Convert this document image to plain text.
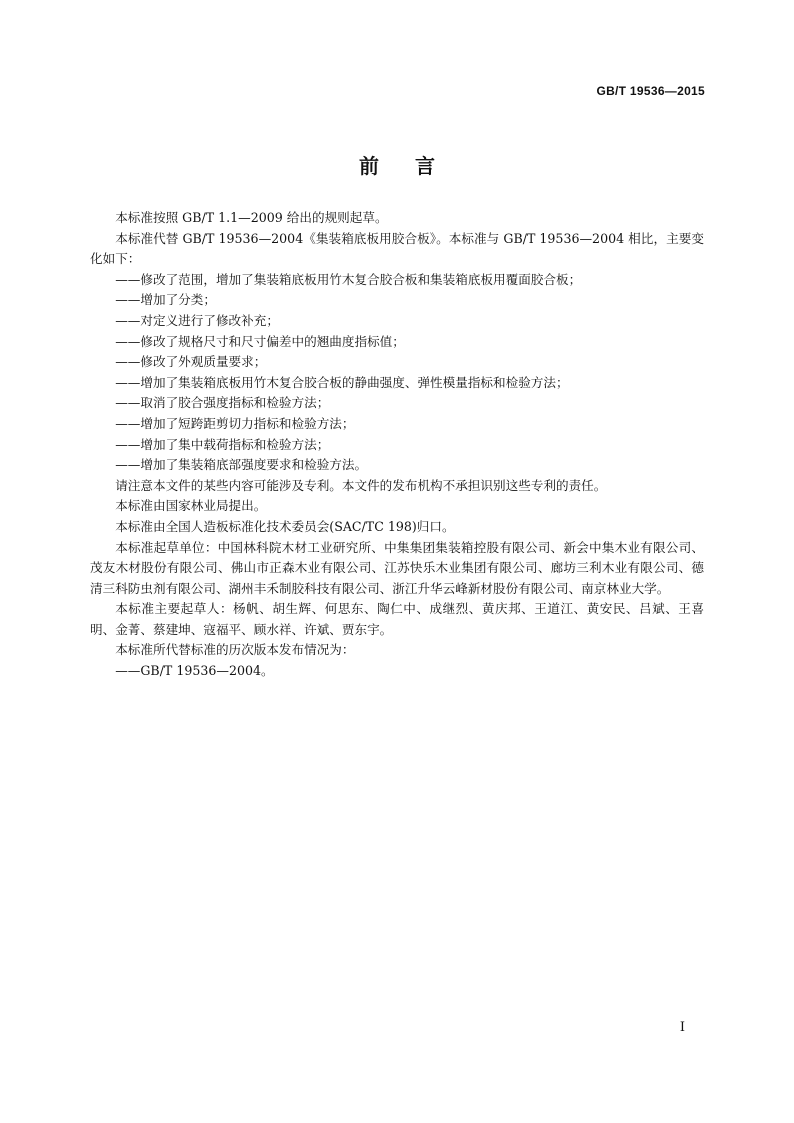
GB/T 19536—2015
前言

本标准按照 GB/T 1.1—2009 给出的规则起草。

本标准代替 GB/T 19536—2004《集装箱底板用胶合板》。本标准与 GB/T 19536—2004 相比，主要变化如下：

——修改了范围，增加了集装箱底板用竹木复合胶合板和集装箱底板用覆面胶合板；

——增加了分类；

——对定义进行了修改补充；

——修改了规格尺寸和尺寸偏差中的翘曲度指标值；

——修改了外观质量要求；

——增加了集装箱底板用竹木复合胶合板的静曲强度、弹性模量指标和检验方法；

——取消了胶合强度指标和检验方法；

——增加了短跨距剪切力指标和检验方法；

——增加了集中载荷指标和检验方法；

——增加了集装箱底部强度要求和检验方法。

请注意本文件的某些内容可能涉及专利。本文件的发布机构不承担识别这些专利的责任。

本标准由国家林业局提出。

本标准由全国人造板标准化技术委员会(SAC/TC 198)归口。

本标准起草单位：中国林科院木材工业研究所、中集集团集装箱控股有限公司、新会中集木业有限公司、茂友木材股份有限公司、佛山市正森木业有限公司、江苏快乐木业集团有限公司、廊坊三利木业有限公司、德清三科防虫剂有限公司、湖州丰禾制胶科技有限公司、浙江升华云峰新材股份有限公司、南京林业大学。

本标准主要起草人：杨帆、胡生辉、何思东、陶仁中、成继烈、黄庆邦、王道江、黄安民、吕斌、王喜明、金菁、蔡建坤、寇福平、顾水祥、许斌、贾东宇。

本标准所代替标准的历次版本发布情况为：

——GB/T 19536—2004。

I
